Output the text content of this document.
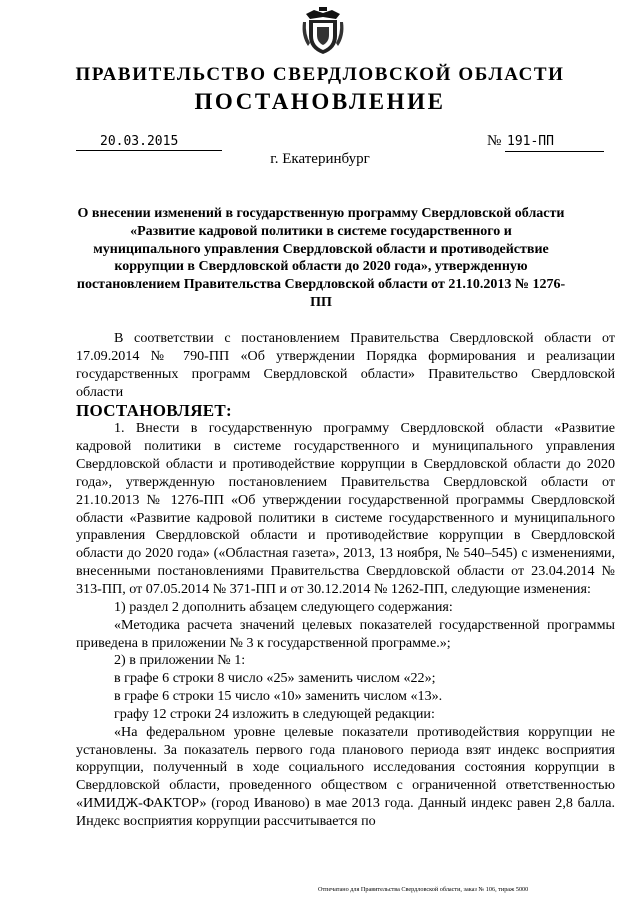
ПРАВИТЕЛЬСТВО СВЕРДЛОВСКОЙ ОБЛАСТИ
ПОСТАНОВЛЕНИЕ
20.03.2015	№ 191-ПП
г. Екатеринбург
О внесении изменений в государственную программу Свердловской области «Развитие кадровой политики в системе государственного и муниципального управления Свердловской области и противодействие коррупции в Свердловской области до 2020 года», утвержденную постановлением Правительства Свердловской области от 21.10.2013 № 1276-ПП

В соответствии с постановлением Правительства Свердловской области от 17.09.2014 № 790-ПП «Об утверждении Порядка формирования и реализации государственных программ Свердловской области» Правительство Свердловской области

ПОСТАНОВЛЯЕТ:

1. Внести в государственную программу Свердловской области «Развитие кадровой политики в системе государственного и муниципального управления Свердловской области и противодействие коррупции в Свердловской области до 2020 года», утвержденную постановлением Правительства Свердловской области от 21.10.2013 № 1276-ПП «Об утверждении государственной программы Свердловской области «Развитие кадровой политики в системе государственного и муниципального управления Свердловской области и противодействие коррупции в Свердловской области до 2020 года» («Областная газета», 2013, 13 ноября, № 540–545) с изменениями, внесенными постановлениями Правительства Свердловской области от 23.04.2014 № 313-ПП, от 07.05.2014 № 371-ПП и от 30.12.2014 № 1262-ПП, следующие изменения:

1) раздел 2 дополнить абзацем следующего содержания:

«Методика расчета значений целевых показателей государственной программы приведена в приложении № 3 к государственной программе.»;

2) в приложении № 1:

в графе 6 строки 8 число «25» заменить числом «22»;

в графе 6 строки 15 число «10» заменить числом «13».

графу 12 строки 24 изложить в следующей редакции:

«На федеральном уровне целевые показатели противодействия коррупции не установлены. За показатель первого года планового периода взят индекс восприятия коррупции, полученный в ходе социального исследования состояния коррупции в Свердловской области, проведенного обществом с ограниченной ответственностью «ИМИДЖ-ФАКТОР» (город Иваново) в мае 2013 года. Данный индекс равен 2,8 балла. Индекс восприятия коррупции рассчитывается по

Отпечатано для Правительства Свердловской области, заказ № 106, тираж 5000
